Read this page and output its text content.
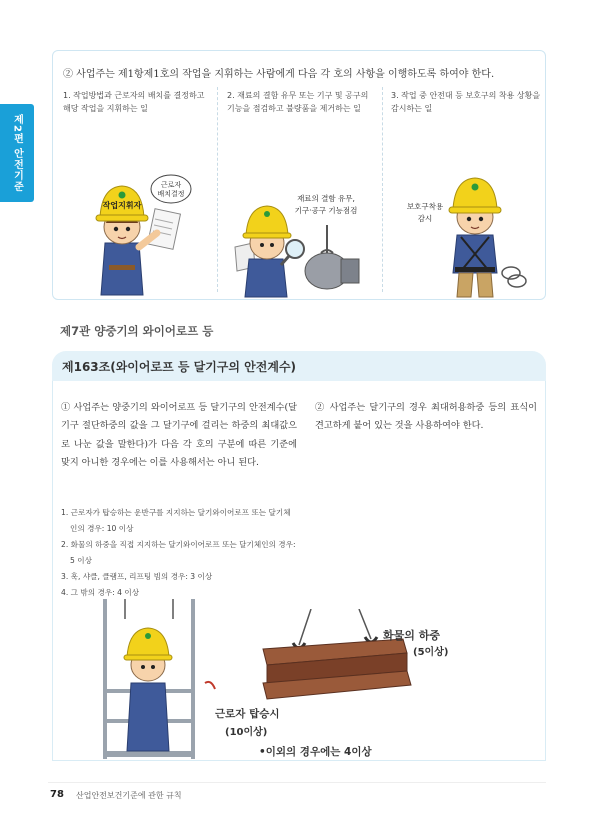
제2편 안전기준
② 사업주는 제1항제1호의 작업을 지휘하는 사람에게 다음 각 호의 사항을 이행하도록 하여야 한다.
1. 작업방법과 근로자의 배치를 결정하고 해당 작업을 지휘하는 일
2. 재료의 결함 유무 또는 기구 및 공구의 기능을 점검하고 불량품을 제거하는 일
3. 작업 중 안전대 등 보호구의 착용 상황을 감시하는 일
작업지휘자
근로자
배치결정	재료의 결함 유무,
기구·공구 기능점검	보호구착용
감시
제7관 양중기의 와이어로프 등
제163조(와이어로프 등 달기구의 안전계수)
① 사업주는 양중기의 와이어로프 등 달기구의 안전계수(달기구 절단하중의 값을 그 달기구에 걸리는 하중의 최대값으로 나눈 값을 말한다)가 다음 각 호의 구분에 따른 기준에 맞지 아니한 경우에는 이를 사용해서는 아니 된다.
② 사업주는 달기구의 경우 최대허용하중 등의 표식이 견고하게 붙어 있는 것을 사용하여야 한다.
1. 근로자가 탑승하는 운반구를 지지하는 달기와이어로프 또는 달기체인의 경우: 10 이상
2. 화물의 하중을 직접 지지하는 달기와이어로프 또는 달기체인의 경우: 5 이상
3. 훅, 샤클, 클램프, 리프팅 빔의 경우: 3 이상
4. 그 밖의 경우: 4 이상
화물의 하중
(5이상)
근로자 탑승시
(10이상)
•이외의 경우에는 4이상
78 산업안전보건기준에 관한 규칙
